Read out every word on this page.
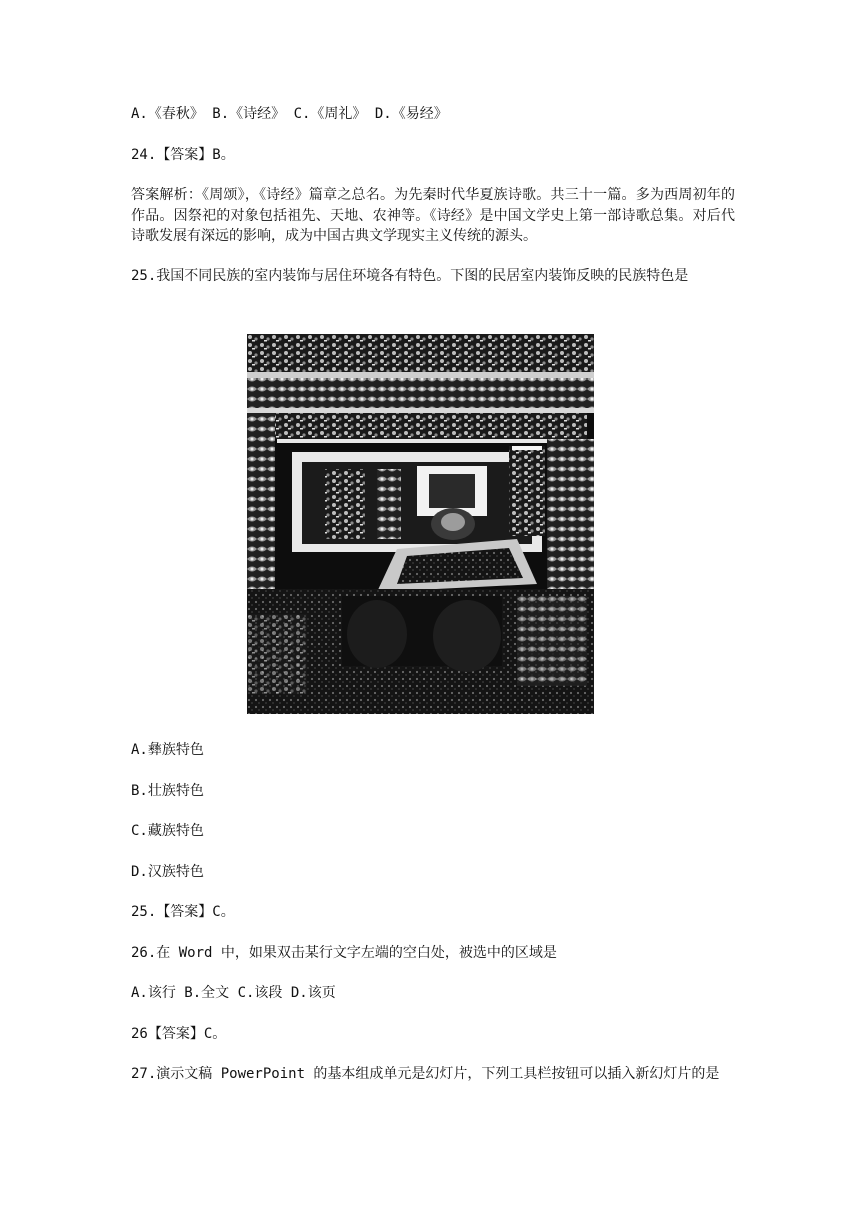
A.《春秋》 B.《诗经》 C.《周礼》 D.《易经》

24.【答案】B。

答案解析：《周颂》，《诗经》篇章之总名。为先秦时代华夏族诗歌。共三十一篇。多为西周初年的作品。因祭祀的对象包括祖先、天地、农神等。《诗经》是中国文学史上第一部诗歌总集。对后代诗歌发展有深远的影响，成为中国古典文学现实主义传统的源头。

25.我国不同民族的室内装饰与居住环境各有特色。下图的民居室内装饰反映的民族特色是

A.彝族特色

B.壮族特色

C.藏族特色

D.汉族特色

25.【答案】C。

26.在 Word 中，如果双击某行文字左端的空白处，被选中的区域是

A.该行 B.全文 C.该段 D.该页

26【答案】C。

27.演示文稿 PowerPoint 的基本组成单元是幻灯片，下列工具栏按钮可以插入新幻灯片的是
